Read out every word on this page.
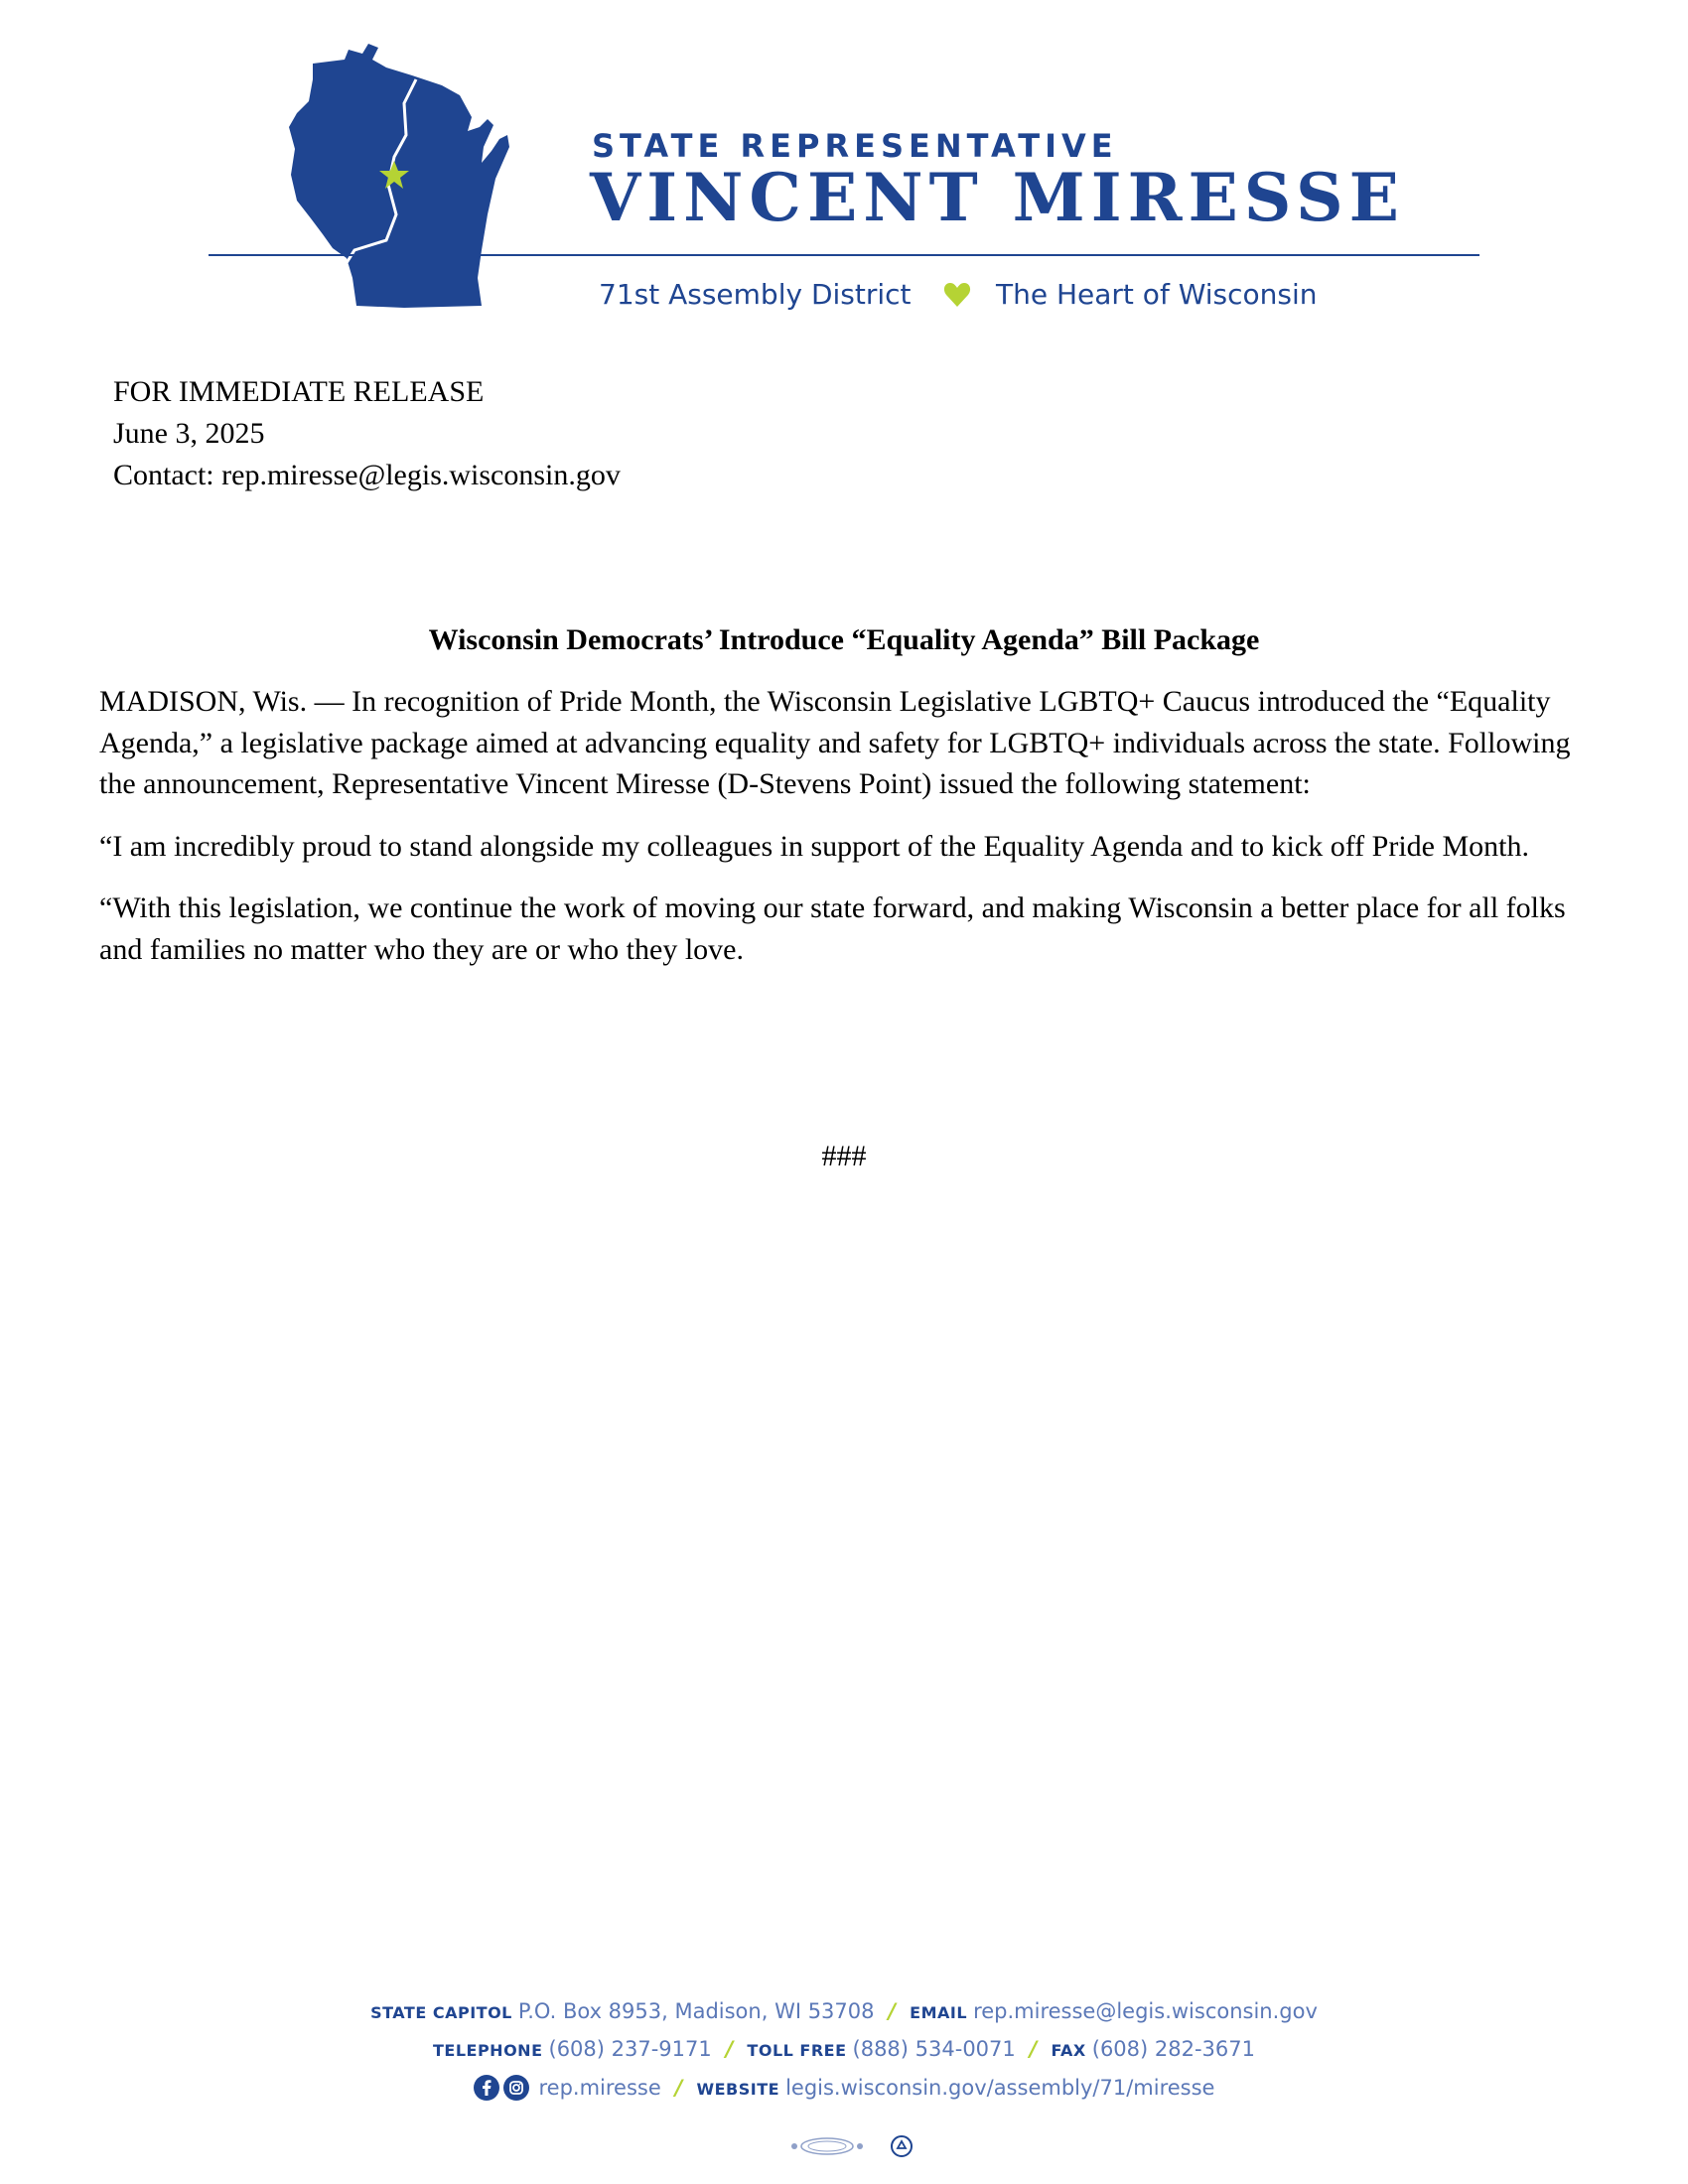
STATE REPRESENTATIVE
VINCENT MIRESSE
71st Assembly District	The Heart of Wisconsin
FOR IMMEDIATE RELEASE
June 3, 2025
Contact: rep.miresse@legis.wisconsin.gov
Wisconsin Democrats’ Introduce “Equality Agenda” Bill Package

MADISON, Wis. — In recognition of Pride Month, the Wisconsin Legislative LGBTQ+ Caucus introduced the “Equality Agenda,” a legislative package aimed at advancing equality and safety for LGBTQ+ individuals across the state. Following the announcement, Representative Vincent Miresse (D-Stevens Point) issued the following statement:

“I am incredibly proud to stand alongside my colleagues in support of the Equality Agenda and to kick off Pride Month.

“With this legislation, we continue the work of moving our state forward, and making Wisconsin a better place for all folks and families no matter who they are or who they love.

###
STATE CAPITOL P.O. Box 8953, Madison, WI 53708 / EMAIL rep.miresse@legis.wisconsin.gov
TELEPHONE (608) 237-9171 / TOLL FREE (888) 534-0071 / FAX (608) 282-3671
rep.miresse / WEBSITE legis.wisconsin.gov/assembly/71/miresse
